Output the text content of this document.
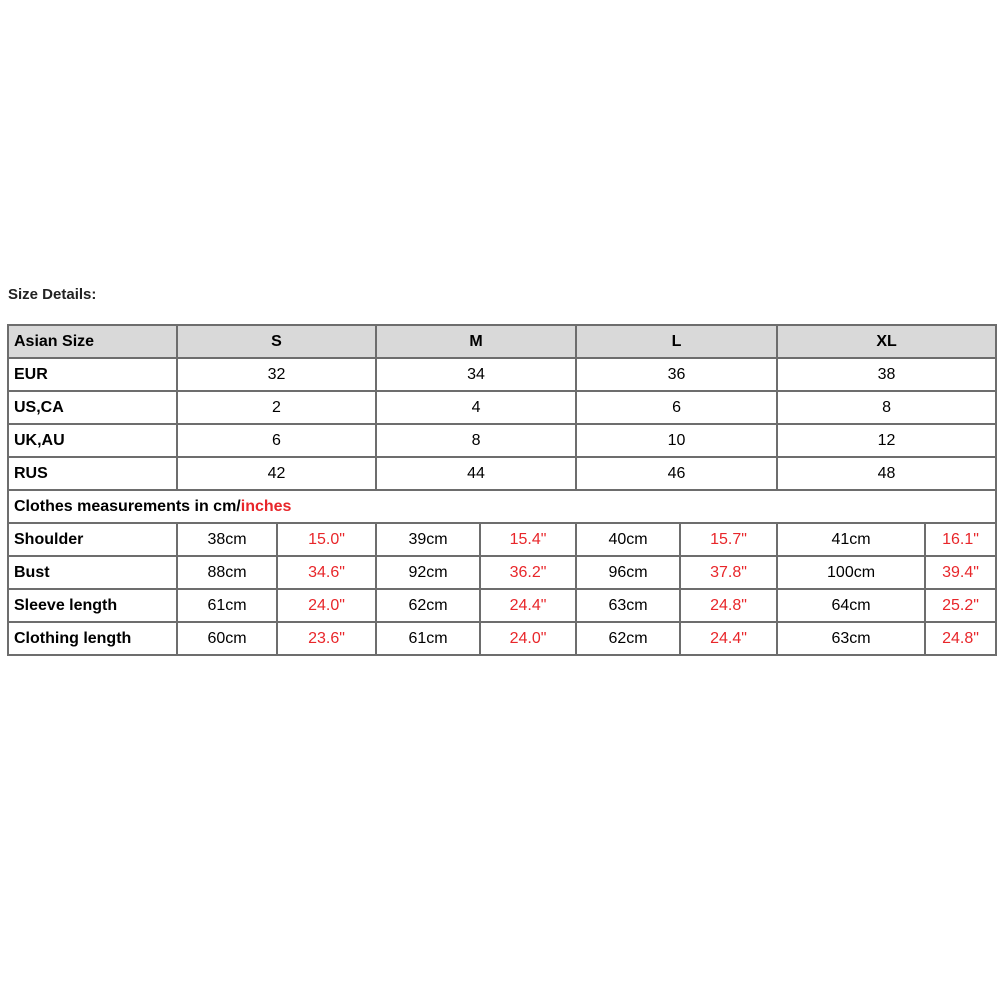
Size Details:
Asian Size	S		M		L		XL	
EUR	32		34		36		38	
US,CA	2		4		6		8	
UK,AU	6		8		10		12	
RUS	42		44		46		48	
Clothes measurements in cm/inches								
Shoulder	38cm	15.0"	39cm	15.4"	40cm	15.7"	41cm	16.1"
Bust	88cm	34.6"	92cm	36.2"	96cm	37.8"	100cm	39.4"
Sleeve length	61cm	24.0"	62cm	24.4"	63cm	24.8"	64cm	25.2"
Clothing length	60cm	23.6"	61cm	24.0"	62cm	24.4"	63cm	24.8"
